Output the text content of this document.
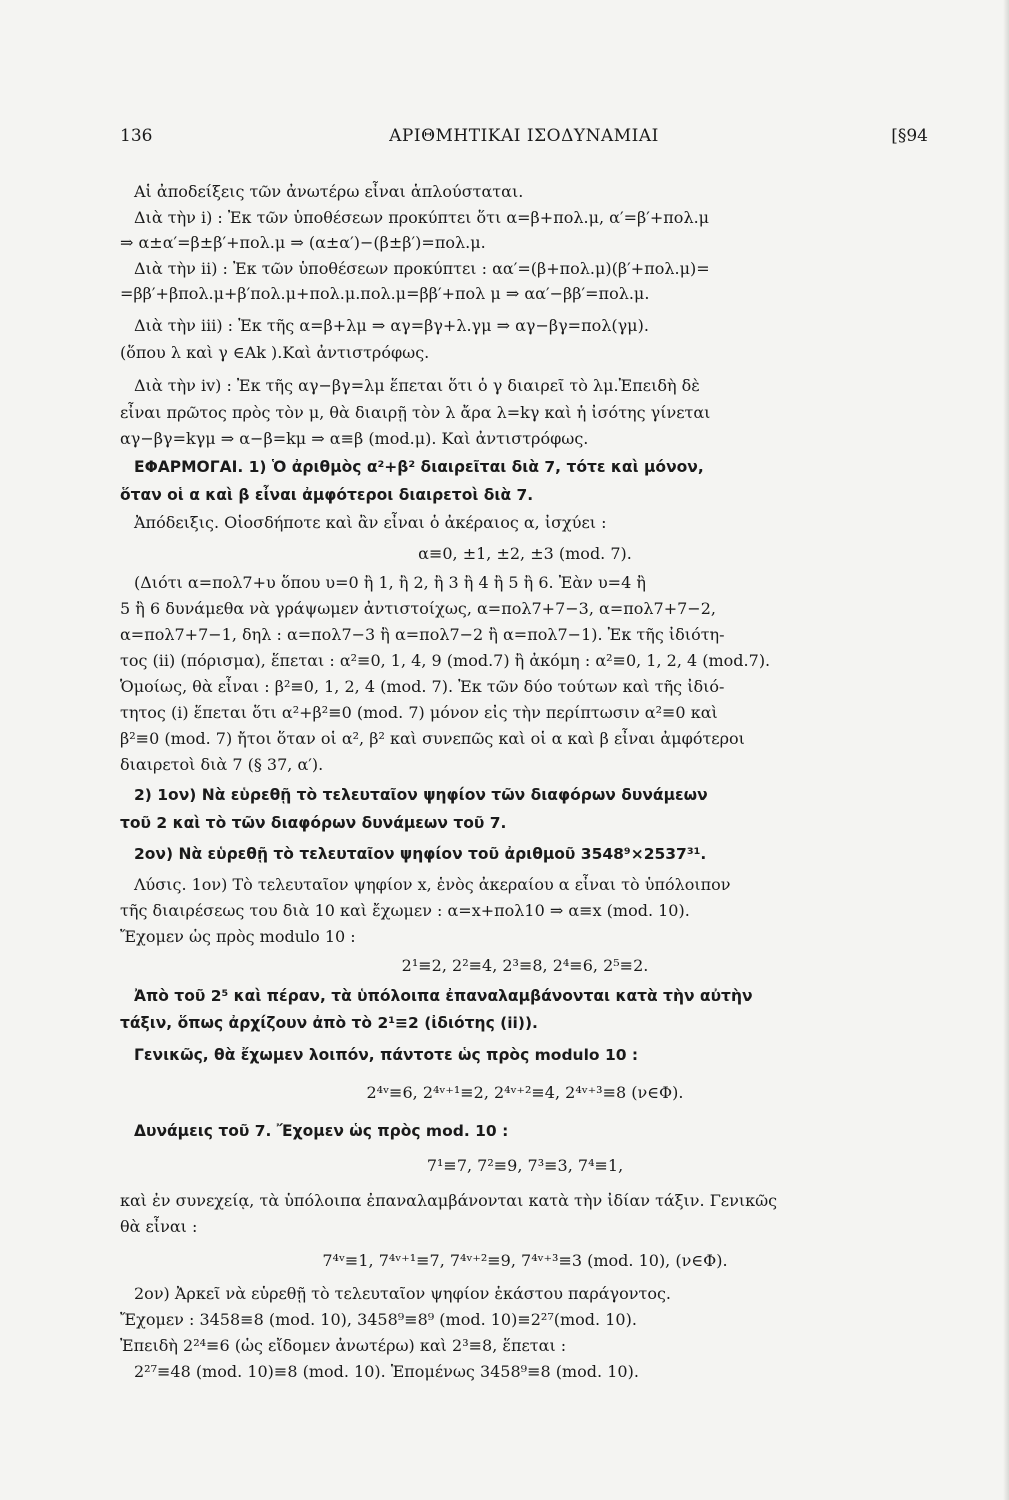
136	ΑΡΙΘΜΗΤΙΚΑΙ ΙΣΟΔΥΝΑΜΙΑΙ	[§94
Αἱ ἀποδείξεις τῶν ἀνωτέρω εἶναι ἁπλούσταται.
Διὰ τὴν i) : Ἐκ τῶν ὑποθέσεων προκύπτει ὅτι α=β+πολ.μ, α′=β′+πολ.μ
⇒ α±α′=β±β′+πολ.μ ⇒ (α±α′)−(β±β′)=πολ.μ.
Διὰ τὴν ii) : Ἐκ τῶν ὑποθέσεων προκύπτει : αα′=(β+πολ.μ)(β′+πολ.μ)=
=ββ′+βπολ.μ+β′πολ.μ+πολ.μ.πολ.μ=ββ′+πολ μ ⇒ αα′−ββ′=πολ.μ.
Διὰ τὴν iii) : Ἐκ τῆς α=β+λμ ⇒ αγ=βγ+λ.γμ ⇒ αγ−βγ=πολ(γμ).
(ὅπου λ καὶ γ ∈Ak ).Καὶ ἀντιστρόφως.
Διὰ τὴν iv) : Ἐκ τῆς αγ−βγ=λμ ἕπεται ὅτι ὁ γ διαιρεῖ τὸ λμ.Ἐπειδὴ δὲ
εἶναι πρῶτος πρὸς τὸν μ, θὰ διαιρῇ τὸν λ ἄρα λ=kγ καὶ ἡ ἰσότης γίνεται
αγ−βγ=kγμ ⇒ α−β=kμ ⇒ α≡β (mod.μ). Καὶ ἀντιστρόφως.
ΕΦΑΡΜΟΓΑΙ. 1) Ὁ ἀριθμὸς α²+β² διαιρεῖται διὰ 7, τότε καὶ μόνον,
ὅταν οἱ α καὶ β εἶναι ἀμφότεροι διαιρετοὶ διὰ 7.
Ἀπόδειξις. Οἱοσδήποτε καὶ ἂν εἶναι ὁ ἀκέραιος α, ἰσχύει :
α≡0, ±1, ±2, ±3 (mod. 7).
(Διότι α=πολ7+υ ὅπου υ=0 ἢ 1, ἢ 2, ἢ 3 ἢ 4 ἢ 5 ἢ 6. Ἐὰν υ=4 ἢ
5 ἢ 6 δυνάμεθα νὰ γράψωμεν ἀντιστοίχως, α=πολ7+7−3, α=πολ7+7−2,
α=πολ7+7−1, δηλ : α=πολ7−3 ἢ α=πολ7−2 ἢ α=πολ7−1). Ἐκ τῆς ἰδιότη-
τος (ii) (πόρισμα), ἕπεται : α²≡0, 1, 4, 9 (mod.7) ἢ ἀκόμη : α²≡0, 1, 2, 4 (mod.7).
Ὁμοίως, θὰ εἶναι : β²≡0, 1, 2, 4 (mod. 7). Ἐκ τῶν δύο τούτων καὶ τῆς ἰδιό-
τητος (i) ἕπεται ὅτι α²+β²≡0 (mod. 7) μόνον εἰς τὴν περίπτωσιν α²≡0 καὶ
β²≡0 (mod. 7) ἤτοι ὅταν οἱ α², β² καὶ συνεπῶς καὶ οἱ α καὶ β εἶναι ἀμφότεροι
διαιρετοὶ διὰ 7 (§ 37, α′).
2) 1ον) Νὰ εὑρεθῇ τὸ τελευταῖον ψηφίον τῶν διαφόρων δυνάμεων
τοῦ 2 καὶ τὸ τῶν διαφόρων δυνάμεων τοῦ 7.
2ον) Νὰ εὑρεθῇ τὸ τελευταῖον ψηφίον τοῦ ἀριθμοῦ 3548⁹×2537³¹.
Λύσις. 1ον) Τὸ τελευταῖον ψηφίον x, ἑνὸς ἀκεραίου α εἶναι τὸ ὑπόλοιπον
τῆς διαιρέσεως του διὰ 10 καὶ ἔχωμεν : α=x+πολ10 ⇒ α≡x (mod. 10).
Ἔχομεν ὡς πρὸς modulo 10 :
2¹≡2, 2²≡4, 2³≡8, 2⁴≡6, 2⁵≡2.
Ἀπὸ τοῦ 2⁵ καὶ πέραν, τὰ ὑπόλοιπα ἐπαναλαμβάνονται κατὰ τὴν αὐτὴν
τάξιν, ὅπως ἀρχίζουν ἀπὸ τὸ 2¹≡2 (ἰδιότης (ii)).
Γενικῶς, θὰ ἔχωμεν λοιπόν, πάντοτε ὡς πρὸς modulo 10 :
2⁴ᵛ≡6, 2⁴ᵛ⁺¹≡2, 2⁴ᵛ⁺²≡4, 2⁴ᵛ⁺³≡8 (ν∈Φ).
Δυνάμεις τοῦ 7. Ἔχομεν ὡς πρὸς mod. 10 :
7¹≡7, 7²≡9, 7³≡3, 7⁴≡1,
καὶ ἐν συνεχείᾳ, τὰ ὑπόλοιπα ἐπαναλαμβάνονται κατὰ τὴν ἰδίαν τάξιν. Γενικῶς
θὰ εἶναι :
7⁴ᵛ≡1, 7⁴ᵛ⁺¹≡7, 7⁴ᵛ⁺²≡9, 7⁴ᵛ⁺³≡3 (mod. 10), (ν∈Φ).
2ον) Ἀρκεῖ νὰ εὑρεθῇ τὸ τελευταῖον ψηφίον ἑκάστου παράγοντος.
Ἔχομεν : 3458≡8 (mod. 10), 3458⁹≡8⁹ (mod. 10)≡2²⁷(mod. 10).
Ἐπειδὴ 2²⁴≡6 (ὡς εἴδομεν ἀνωτέρω) καὶ 2³≡8, ἕπεται :
2²⁷≡48 (mod. 10)≡8 (mod. 10). Ἑπομένως 3458⁹≡8 (mod. 10).
